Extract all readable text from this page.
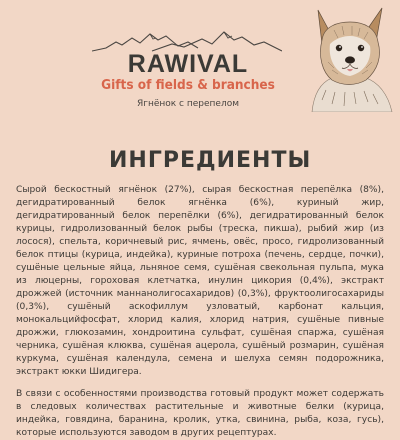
RAWIVAL
Gifts of fields & branches
Ягнёнок с перепелом
ИНГРЕДИЕНТЫ

Сырой бескостный ягнёнок (27%), сырая бескостная перепёлка (8%), дегидратированный белок ягнёнка (6%), куриный жир, дегидратированный белок перепёлки (6%), дегидратированный белок курицы, гидролизованный белок рыбы (треска, пикша), рыбий жир (из лосося), спельта, коричневый рис, ячмень, овёс, просо, гидролизованный белок птицы (курица, индейка), куриные потроха (печень, сердце, почки), сушёные цельные яйца, льняное семя, сушёная свекольная пульпа, мука из люцерны, гороховая клетчатка, инулин цикория (0,4%), экстракт дрожжей (источник маннанолигосахаридов) (0,3%), фруктоолигосахариды (0,3%), сушёный аскофиллум узловатый, карбонат кальция, монокальцийфосфат, хлорид калия, хлорид натрия, сушёные пивные дрожжи, глюкозамин, хондроитина сульфат, сушёная спаржа, сушёная черника, сушёная клюква, сушёная ацерола, сушёный розмарин, сушёная куркума, сушёная календула, семена и шелуха семян подорожника, экстракт юкки Шидигера.

В связи с особенностями производства готовый продукт может содержать в следовых количествах растительные и животные белки (курица, индейка, говядина, баранина, кролик, утка, свинина, рыба, коза, гусь), которые используются заводом в других рецептурах.
